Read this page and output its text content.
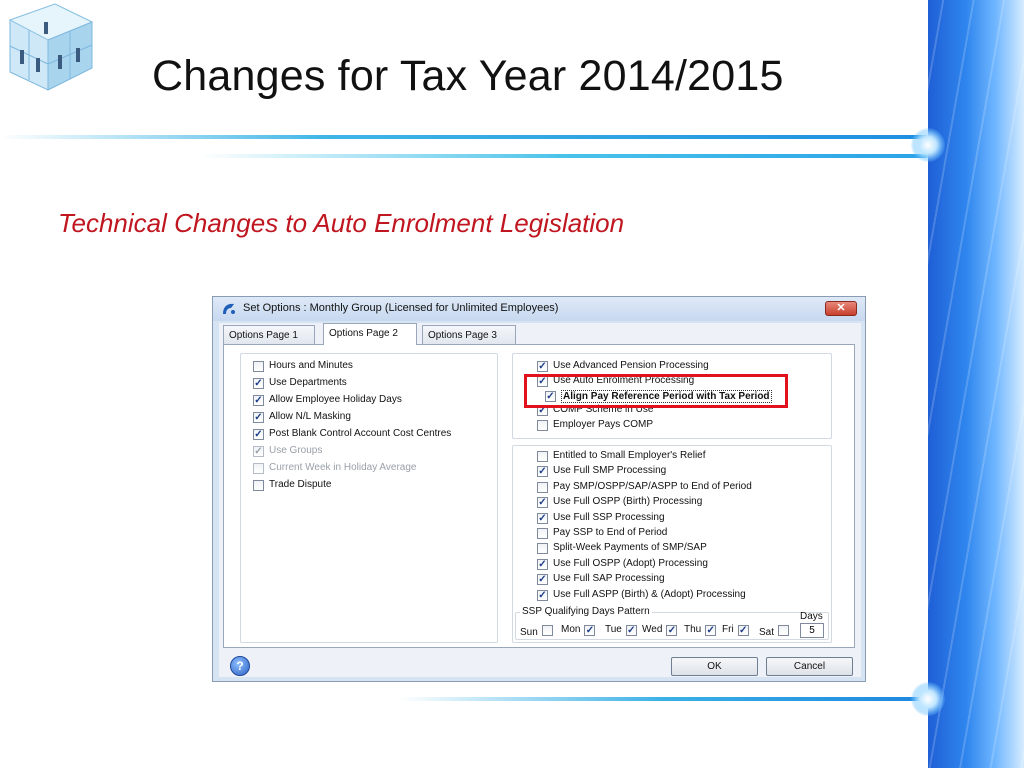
Changes for Tax Year 2014/2015
Technical Changes to Auto Enrolment Legislation
Set Options : Monthly Group (Licensed for Unlimited Employees)	✕
Options Page 1	Options Page 2	Options Page 3
Hours and Minutes
✓ Use Departments
✓ Allow Employee Holiday Days
✓ Allow N/L Masking
✓ Post Blank Control Account Cost Centres
✓ Use Groups
Current Week in Holiday Average
Trade Dispute
✓ Use Advanced Pension Processing
✓ Use Auto Enrolment Processing
✓ Align Pay Reference Period with Tax Period
✓ COMP Scheme in Use
Employer Pays COMP
Entitled to Small Employer's Relief
✓ Use Full SMP Processing
Pay SMP/OSPP/SAP/ASPP to End of Period
✓ Use Full OSPP (Birth) Processing
✓ Use Full SSP Processing
Pay SSP to End of Period
Split-Week Payments of SMP/SAP
✓ Use Full OSPP (Adopt) Processing
✓ Use Full SAP Processing
✓ Use Full ASPP (Birth) & (Adopt) Processing
SSP Qualifying Days Pattern	Days
Sun	Mon ✓ Tue ✓ Wed ✓ Thu ✓ Fri ✓ Sat	5
?	OK	Cancel
